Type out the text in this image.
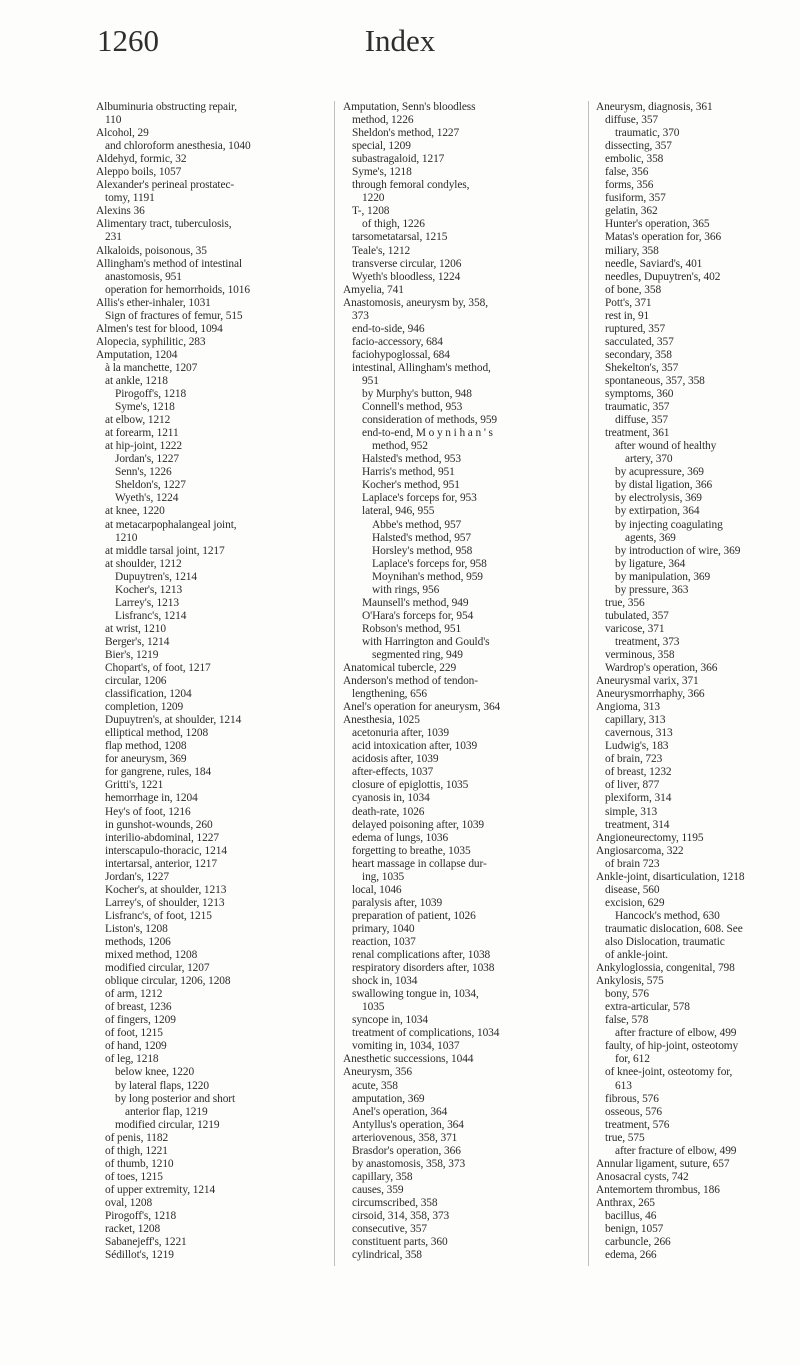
1260	Index
Albuminuria obstructing repair,
110
Alcohol, 29
and chloroform anesthesia, 1040
Aldehyd, formic, 32
Aleppo boils, 1057
Alexander's perineal prostatec-
tomy, 1191
Alexins 36
Alimentary tract, tuberculosis,
231
Alkaloids, poisonous, 35
Allingham's method of intestinal
anastomosis, 951
operation for hemorrhoids, 1016
Allis's ether-inhaler, 1031
Sign of fractures of femur, 515
Almen's test for blood, 1094
Alopecia, syphilitic, 283
Amputation, 1204
à la manchette, 1207
at ankle, 1218
Pirogoff's, 1218
Syme's, 1218
at elbow, 1212
at forearm, 1211
at hip-joint, 1222
Jordan's, 1227
Senn's, 1226
Sheldon's, 1227
Wyeth's, 1224
at knee, 1220
at metacarpophalangeal joint,
1210
at middle tarsal joint, 1217
at shoulder, 1212
Dupuytren's, 1214
Kocher's, 1213
Larrey's, 1213
Lisfranc's, 1214
at wrist, 1210
Berger's, 1214
Bier's, 1219
Chopart's, of foot, 1217
circular, 1206
classification, 1204
completion, 1209
Dupuytren's, at shoulder, 1214
elliptical method, 1208
flap method, 1208
for aneurysm, 369
for gangrene, rules, 184
Gritti's, 1221
hemorrhage in, 1204
Hey's of foot, 1216
in gunshot-wounds, 260
interilio-abdominal, 1227
interscapulo-thoracic, 1214
intertarsal, anterior, 1217
Jordan's, 1227
Kocher's, at shoulder, 1213
Larrey's, of shoulder, 1213
Lisfranc's, of foot, 1215
Liston's, 1208
methods, 1206
mixed method, 1208
modified circular, 1207
oblique circular, 1206, 1208
of arm, 1212
of breast, 1236
of fingers, 1209
of foot, 1215
of hand, 1209
of leg, 1218
below knee, 1220
by lateral flaps, 1220
by long posterior and short
anterior flap, 1219
modified circular, 1219
of penis, 1182
of thigh, 1221
of thumb, 1210
of toes, 1215
of upper extremity, 1214
oval, 1208
Pirogoff's, 1218
racket, 1208
Sabanejeff's, 1221
Sédillot's, 1219
Amputation, Senn's bloodless
method, 1226
Sheldon's method, 1227
special, 1209
subastragaloid, 1217
Syme's, 1218
through femoral condyles,
1220
T-, 1208
of thigh, 1226
tarsometatarsal, 1215
Teale's, 1212
transverse circular, 1206
Wyeth's bloodless, 1224
Amyelia, 741
Anastomosis, aneurysm by, 358,
373
end-to-side, 946
facio-accessory, 684
faciohypoglossal, 684
intestinal, Allingham's method,
951
by Murphy's button, 948
Connell's method, 953
consideration of methods, 959
end-to-end, M o y n i h a n ' s
method, 952
Halsted's method, 953
Harris's method, 951
Kocher's method, 951
Laplace's forceps for, 953
lateral, 946, 955
Abbe's method, 957
Halsted's method, 957
Horsley's method, 958
Laplace's forceps for, 958
Moynihan's method, 959
with rings, 956
Maunsell's method, 949
O'Hara's forceps for, 954
Robson's method, 951
with Harrington and Gould's
segmented ring, 949
Anatomical tubercle, 229
Anderson's method of tendon-
lengthening, 656
Anel's operation for aneurysm, 364
Anesthesia, 1025
acetonuria after, 1039
acid intoxication after, 1039
acidosis after, 1039
after-effects, 1037
closure of epiglottis, 1035
cyanosis in, 1034
death-rate, 1026
delayed poisoning after, 1039
edema of lungs, 1036
forgetting to breathe, 1035
heart massage in collapse dur-
ing, 1035
local, 1046
paralysis after, 1039
preparation of patient, 1026
primary, 1040
reaction, 1037
renal complications after, 1038
respiratory disorders after, 1038
shock in, 1034
swallowing tongue in, 1034,
1035
syncope in, 1034
treatment of complications, 1034
vomiting in, 1034, 1037
Anesthetic successions, 1044
Aneurysm, 356
acute, 358
amputation, 369
Anel's operation, 364
Antyllus's operation, 364
arteriovenous, 358, 371
Brasdor's operation, 366
by anastomosis, 358, 373
capillary, 358
causes, 359
circumscribed, 358
cirsoid, 314, 358, 373
consecutive, 357
constituent parts, 360
cylindrical, 358
Aneurysm, diagnosis, 361
diffuse, 357
traumatic, 370
dissecting, 357
embolic, 358
false, 356
forms, 356
fusiform, 357
gelatin, 362
Hunter's operation, 365
Matas's operation for, 366
miliary, 358
needle, Saviard's, 401
needles, Dupuytren's, 402
of bone, 358
Pott's, 371
rest in, 91
ruptured, 357
sacculated, 357
secondary, 358
Shekelton's, 357
spontaneous, 357, 358
symptoms, 360
traumatic, 357
diffuse, 357
treatment, 361
after wound of healthy
artery, 370
by acupressure, 369
by distal ligation, 366
by electrolysis, 369
by extirpation, 364
by injecting coagulating
agents, 369
by introduction of wire, 369
by ligature, 364
by manipulation, 369
by pressure, 363
true, 356
tubulated, 357
varicose, 371
treatment, 373
verminous, 358
Wardrop's operation, 366
Aneurysmal varix, 371
Aneurysmorrhaphy, 366
Angioma, 313
capillary, 313
cavernous, 313
Ludwig's, 183
of brain, 723
of breast, 1232
of liver, 877
plexiform, 314
simple, 313
treatment, 314
Angioneurectomy, 1195
Angiosarcoma, 322
of brain 723
Ankle-joint, disarticulation, 1218
disease, 560
excision, 629
Hancock's method, 630
traumatic dislocation, 608. See
also Dislocation, traumatic
of ankle-joint.
Ankyloglossia, congenital, 798
Ankylosis, 575
bony, 576
extra-articular, 578
false, 578
after fracture of elbow, 499
faulty, of hip-joint, osteotomy
for, 612
of knee-joint, osteotomy for,
613
fibrous, 576
osseous, 576
treatment, 576
true, 575
after fracture of elbow, 499
Annular ligament, suture, 657
Anosacral cysts, 742
Antemortem thrombus, 186
Anthrax, 265
bacillus, 46
benign, 1057
carbuncle, 266
edema, 266
